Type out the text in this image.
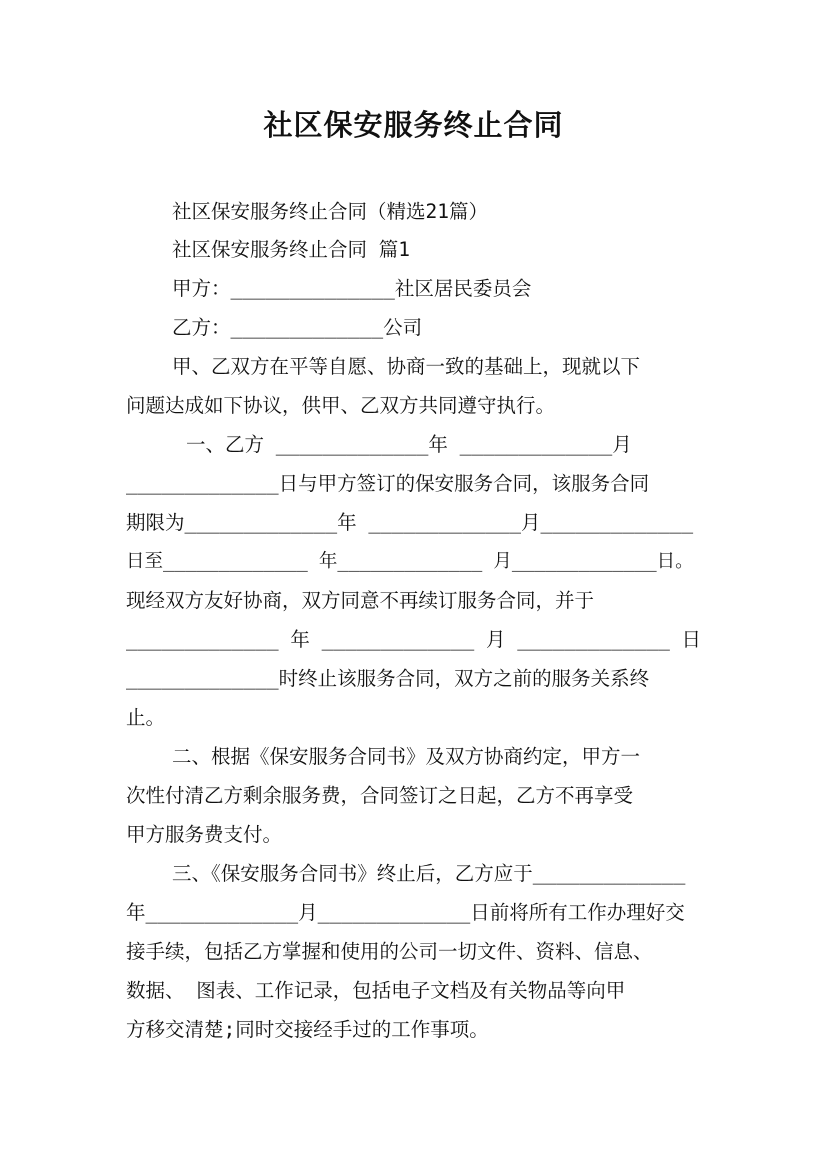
社区保安服务终止合同
社区保安服务终止合同（精选21篇）
社区保安服务终止合同 篇1
甲方：______________社区居民委员会
乙方：_____________公司
甲、乙双方在平等自愿、协商一致的基础上，现就以下
问题达成如下协议，供甲、乙双方共同遵守执行。
一、乙方 _____________年 _____________月
_____________日与甲方签订的保安服务合同，该服务合同
期限为_____________年 _____________月_____________
日至_____________ 年_____________ 月_____________日。
现经双方友好协商，双方同意不再续订服务合同，并于
_____________ 年 _____________ 月 _____________ 日
_____________时终止该服务合同，双方之前的服务关系终
止。
二、根据《保安服务合同书》及双方协商约定，甲方一
次性付清乙方剩余服务费，合同签订之日起，乙方不再享受
甲方服务费支付。
三、《保安服务合同书》终止后，乙方应于_____________
年_____________月_____________日前将所有工作办理好交
接手续，包括乙方掌握和使用的公司一切文件、资料、信息、
数据、 图表、工作记录，包括电子文档及有关物品等向甲
方移交清楚;同时交接经手过的工作事项。
